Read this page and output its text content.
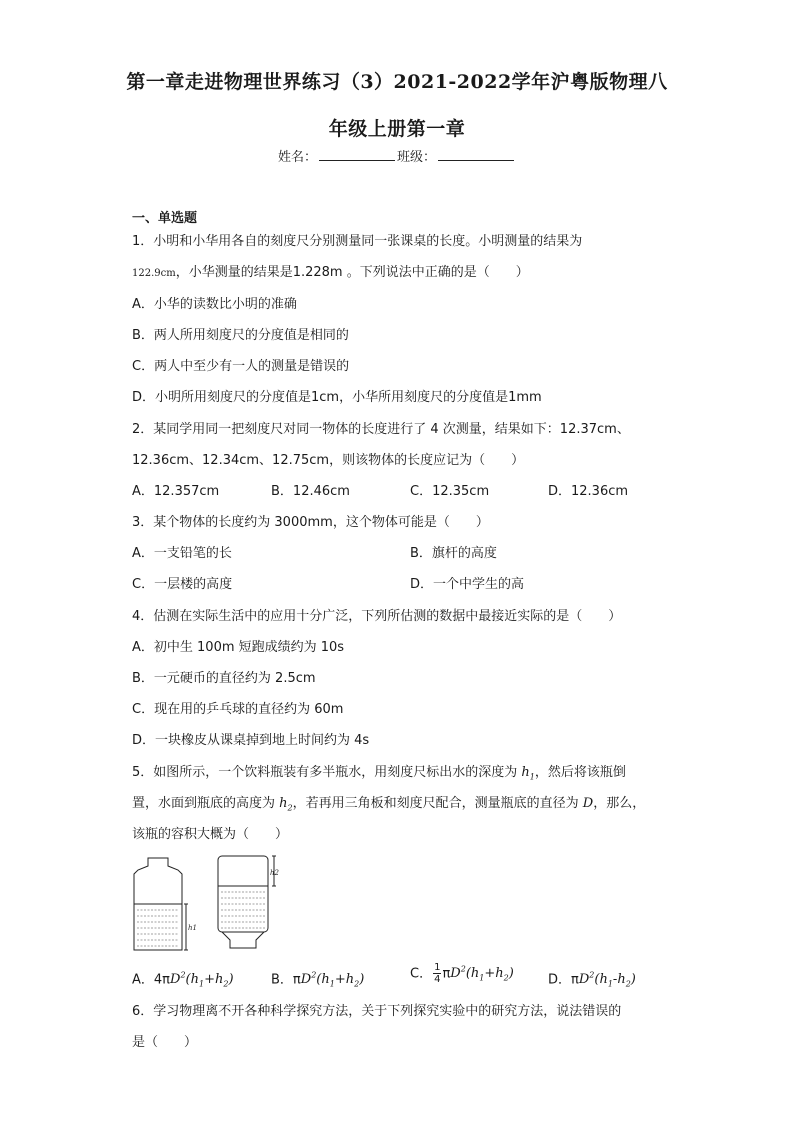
第一章走进物理世界练习（3）2021-2022学年沪粤版物理八
年级上册第一章
姓名：	班级：
一、单选题
1．小明和小华用各自的刻度尺分别测量同一张课桌的长度。小明测量的结果为
122.9cm，小华测量的结果是1.228m 。下列说法中正确的是（　　）
A．小华的读数比小明的准确
B．两人所用刻度尺的分度值是相同的
C．两人中至少有一人的测量是错误的
D．小明所用刻度尺的分度值是1cm，小华所用刻度尺的分度值是1mm
2．某同学用同一把刻度尺对同一物体的长度进行了 4 次测量，结果如下：12.37cm、
12.36cm、12.34cm、12.75cm，则该物体的长度应记为（　　）
A．12.357cm	B．12.46cm	C．12.35cm	D．12.36cm
3．某个物体的长度约为 3000mm，这个物体可能是（　　）
A．一支铅笔的长	B．旗杆的高度
C．一层楼的高度	D．一个中学生的高
4．估测在实际生活中的应用十分广泛，下列所估测的数据中最接近实际的是（　　）
A．初中生 100m 短跑成绩约为 10s
B．一元硬币的直径约为 2.5cm
C．现在用的乒乓球的直径约为 60m
D．一块橡皮从课桌掉到地上时间约为 4s
5．如图所示，一个饮料瓶装有多半瓶水，用刻度尺标出水的深度为 $h_1$，然后将该瓶倒
置，水面到瓶底的高度为 $h_2$，若再用三角板和刻度尺配合，测量瓶底的直径为 D，那么，
该瓶的容积大概为（　　）
h1
h2
A．$4\pi D^2(h_1+h_2)$	B．$\pi D^2(h_1+h_2)$	C． $\frac{1}{4} \pi D^2(h_1+h_2)$	D．$\pi D^2(h_1-h_2)$
6．学习物理离不开各种科学探究方法，关于下列探究实验中的研究方法，说法错误的
是（　　）
